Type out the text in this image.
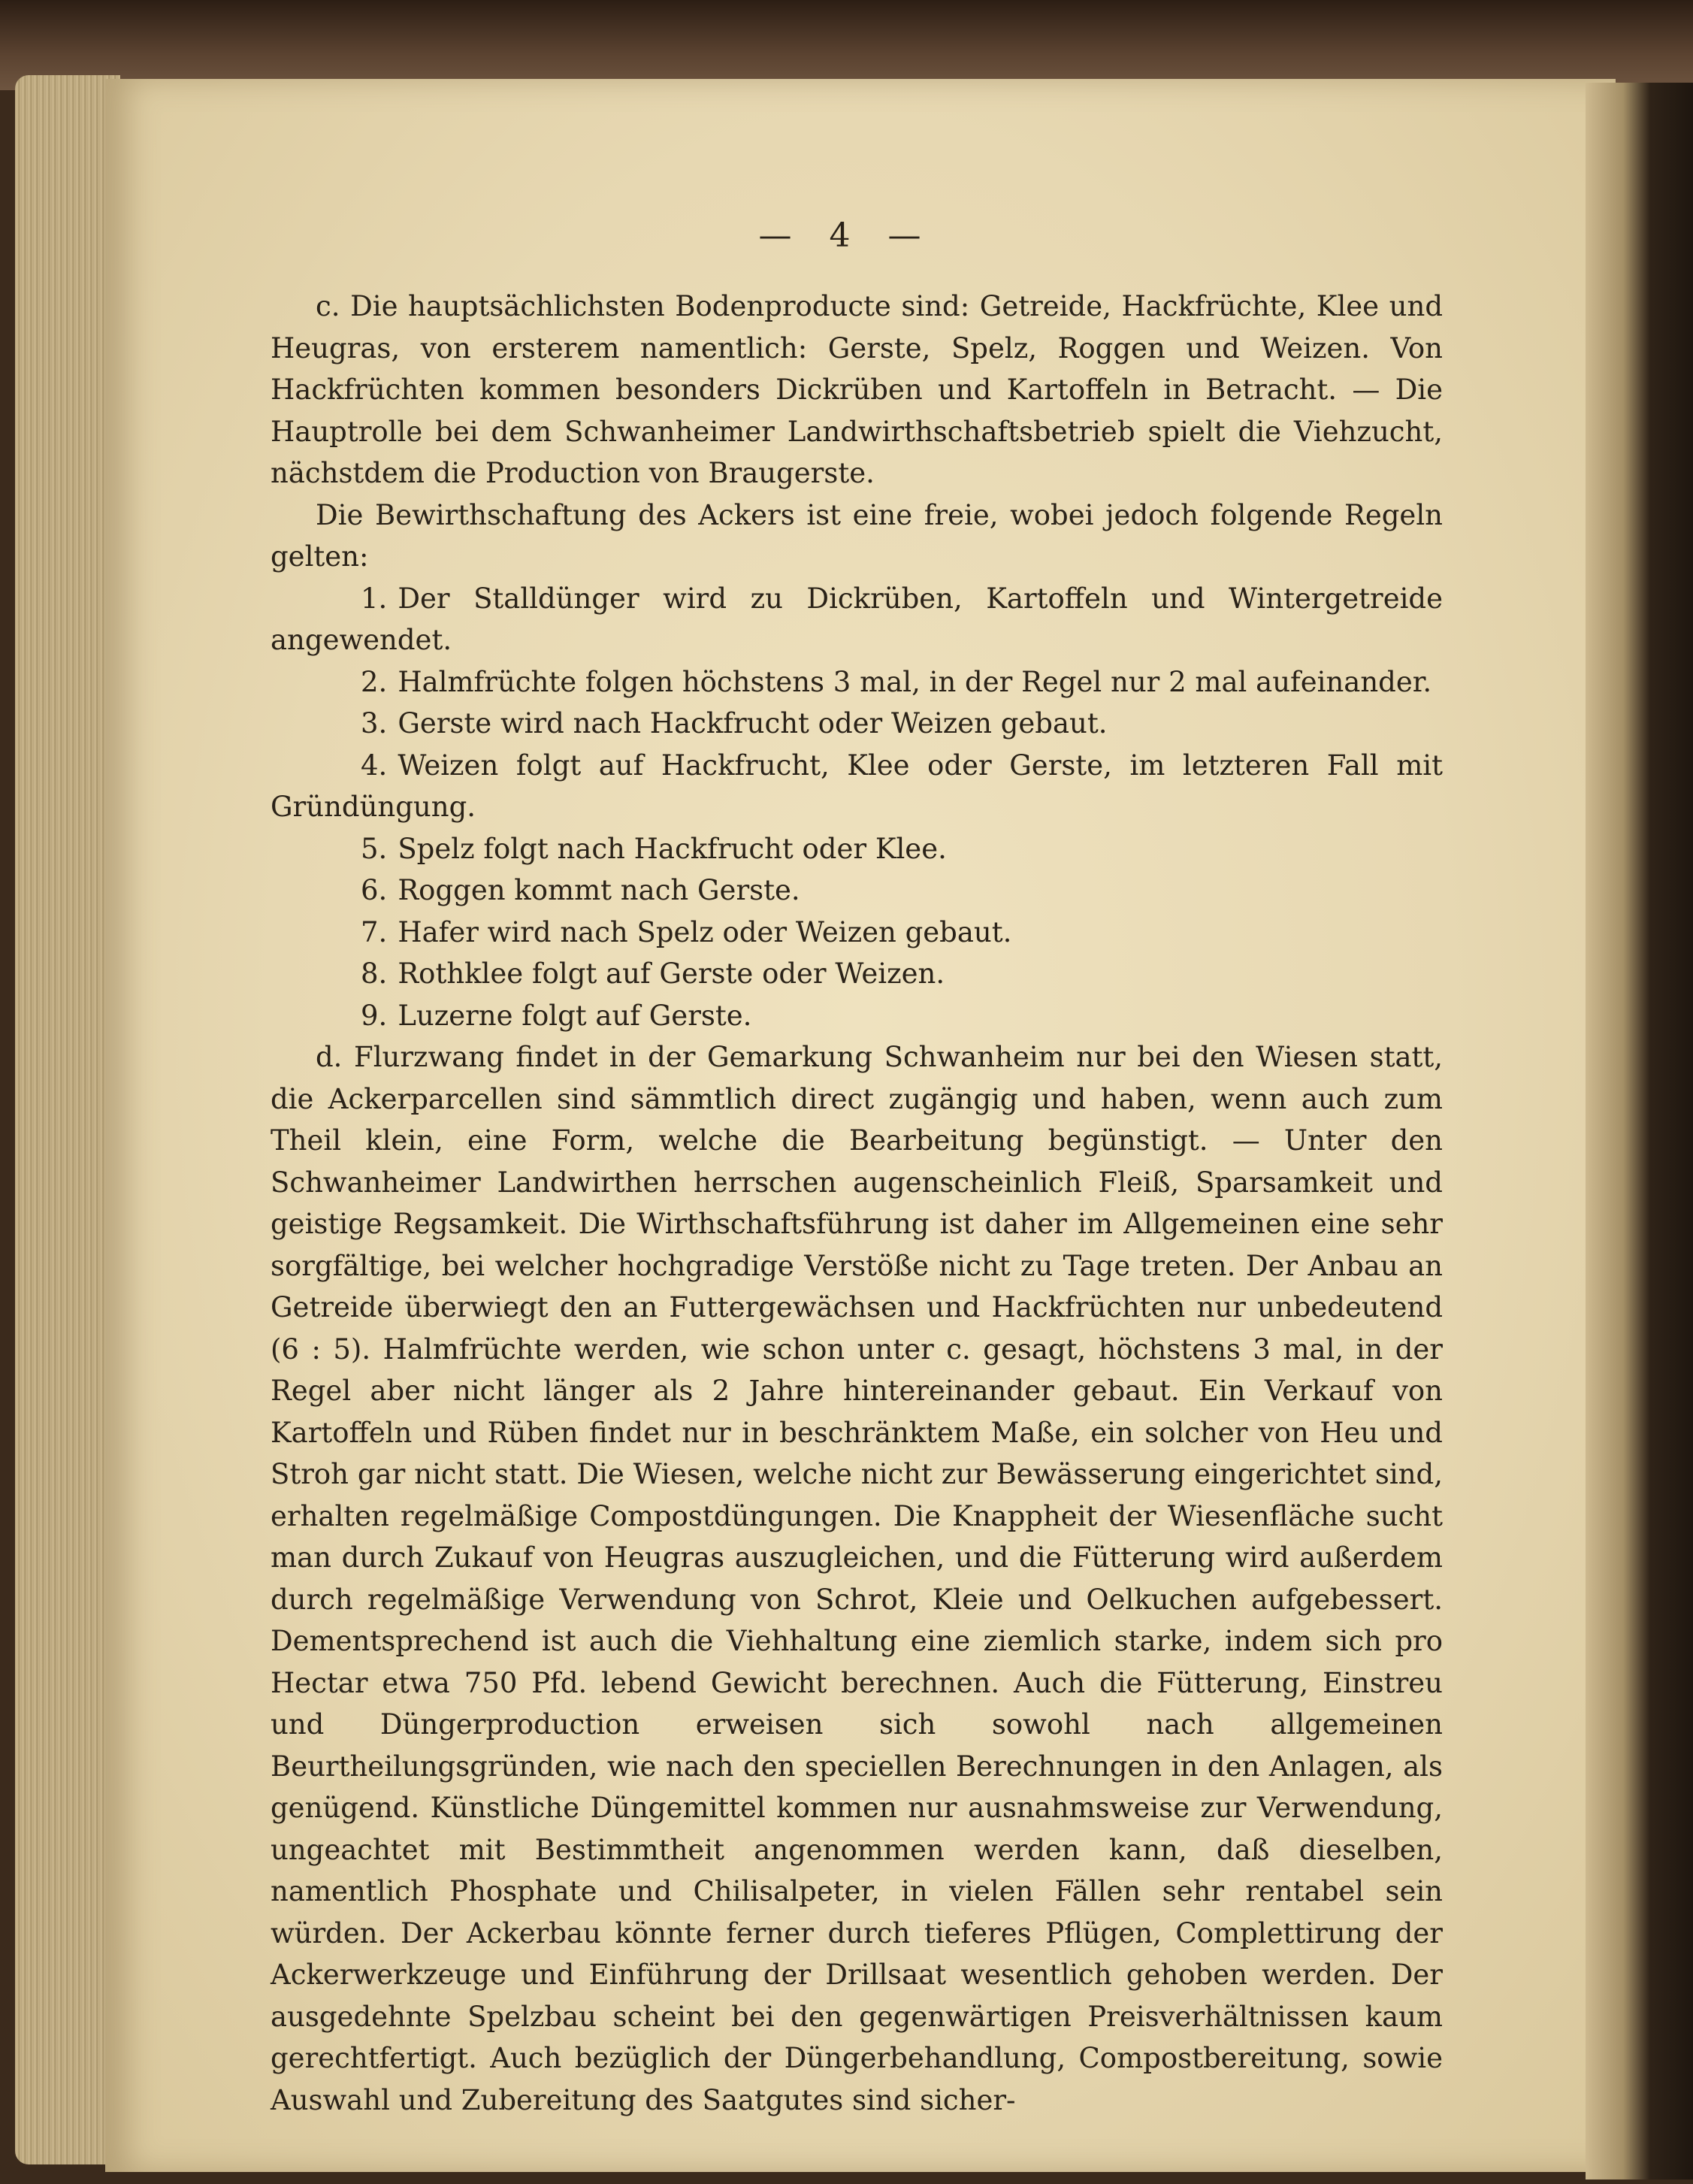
— 4 —

c. Die hauptsächlichsten Bodenproducte sind: Getreide, Hackfrüchte, Klee und Heugras, von ersterem namentlich: Gerste, Spelz, Roggen und Weizen. Von Hackfrüchten kommen besonders Dickrüben und Kartoffeln in Betracht. — Die Hauptrolle bei dem Schwanheimer Landwirthschaftsbetrieb spielt die Viehzucht, nächstdem die Production von Braugerste.

Die Bewirthschaftung des Ackers ist eine freie, wobei jedoch folgende Regeln gelten:

1. Der Stalldünger wird zu Dickrüben, Kartoffeln und Wintergetreide angewendet.
2. Halmfrüchte folgen höchstens 3 mal, in der Regel nur 2 mal aufeinander.
3. Gerste wird nach Hackfrucht oder Weizen gebaut.
4. Weizen folgt auf Hackfrucht, Klee oder Gerste, im letzteren Fall mit Gründüngung.
5. Spelz folgt nach Hackfrucht oder Klee.
6. Roggen kommt nach Gerste.
7. Hafer wird nach Spelz oder Weizen gebaut.
8. Rothklee folgt auf Gerste oder Weizen.
9. Luzerne folgt auf Gerste.

d. Flurzwang findet in der Gemarkung Schwanheim nur bei den Wiesen statt, die Ackerparcellen sind sämmtlich direct zugängig und haben, wenn auch zum Theil klein, eine Form, welche die Bearbeitung begünstigt. — Unter den Schwanheimer Landwirthen herrschen augenscheinlich Fleiß, Sparsamkeit und geistige Regsamkeit. Die Wirthschaftsführung ist daher im Allgemeinen eine sehr sorgfältige, bei welcher hochgradige Verstöße nicht zu Tage treten. Der Anbau an Getreide überwiegt den an Futtergewächsen und Hackfrüchten nur unbedeutend (6 : 5). Halmfrüchte werden, wie schon unter c. gesagt, höchstens 3 mal, in der Regel aber nicht länger als 2 Jahre hintereinander gebaut. Ein Verkauf von Kartoffeln und Rüben findet nur in beschränktem Maße, ein solcher von Heu und Stroh gar nicht statt. Die Wiesen, welche nicht zur Bewässerung eingerichtet sind, erhalten regelmäßige Compostdüngungen. Die Knappheit der Wiesenfläche sucht man durch Zukauf von Heugras auszugleichen, und die Fütterung wird außerdem durch regelmäßige Verwendung von Schrot, Kleie und Oelkuchen aufgebessert. Dementsprechend ist auch die Viehhaltung eine ziemlich starke, indem sich pro Hectar etwa 750 Pfd. lebend Gewicht berechnen. Auch die Fütterung, Einstreu und Düngerproduction erweisen sich sowohl nach allgemeinen Beurtheilungsgründen, wie nach den speciellen Berechnungen in den Anlagen, als genügend. Künstliche Düngemittel kommen nur ausnahmsweise zur Verwendung, ungeachtet mit Bestimmtheit angenommen werden kann, daß dieselben, namentlich Phosphate und Chilisalpeter, in vielen Fällen sehr rentabel sein würden. Der Ackerbau könnte ferner durch tieferes Pflügen, Complettirung der Ackerwerkzeuge und Einführung der Drillsaat wesentlich gehoben werden. Der ausgedehnte Spelzbau scheint bei den gegenwärtigen Preisverhältnissen kaum gerechtfertigt. Auch bezüglich der Düngerbehandlung, Compostbereitung, sowie Auswahl und Zubereitung des Saatgutes sind sicher-
